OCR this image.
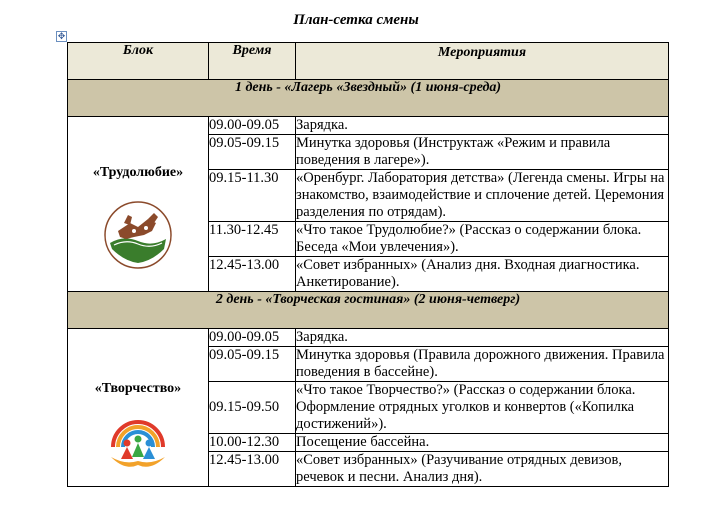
План-сетка смены
✥
Блок	Время	Мероприятия
1 день - «Лагерь «Звездный» (1 июня-среда)		

«Трудолюбие»	09.00-09.05	Зарядка.
	09.05-09.15	Минутка здоровья (Инструктаж «Режим и правила поведения в лагере»).
	09.15-11.30	«Оренбург. Лаборатория детства» (Легенда смены. Игры на знакомство, взаимодействие и сплочение детей. Церемония разделения по отрядам).
	11.30-12.45	«Что такое Трудолюбие?» (Рассказ о содержании блока. Беседа «Мои увлечения»).
	12.45-13.00	«Совет избранных» (Анализ дня. Входная диагностика. Анкетирование).
2 день - «Творческая гостиная» (2 июня-четверг)		

«Творчество»	09.00-09.05	Зарядка.
	09.05-09.15	Минутка здоровья (Правила дорожного движения. Правила поведения в бассейне).
	09.15-09.50	«Что такое Творчество?» (Рассказ о содержании блока. Оформление отрядных уголков и конвертов («Копилка достижений»).
	10.00-12.30	Посещение бассейна.
	12.45-13.00	«Совет избранных» (Разучивание отрядных девизов, речевок и песни. Анализ дня).
